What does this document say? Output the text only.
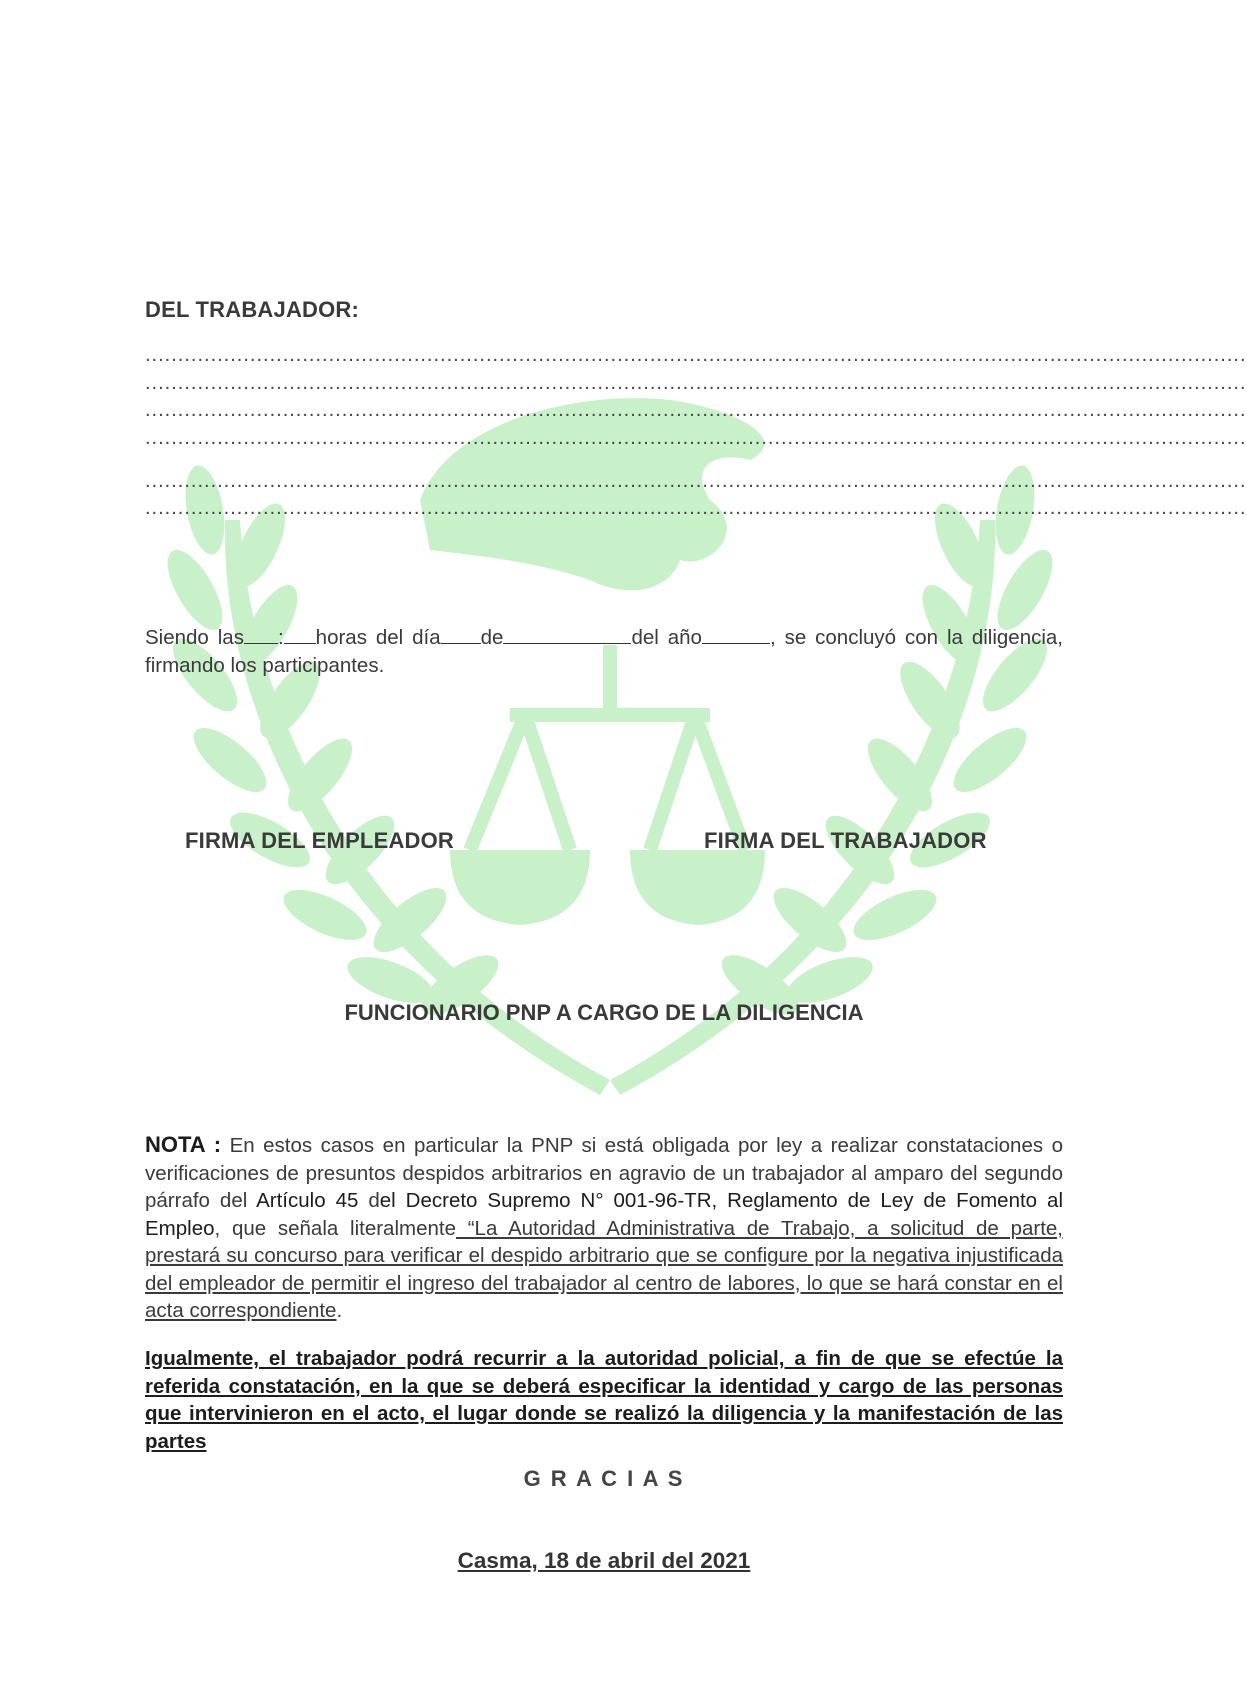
DEL TRABAJADOR:
........................................................................................................................................................................
........................................................................................................................................................................
........................................................................................................................................................................
........................................................................................................................................................................
........................................................................................................................................................................
........................................................................................................................................................................
Siendo las : horas del día de	del año	, se concluyó con la diligencia, firmando los participantes.
FIRMA DEL EMPLEADOR	FIRMA DEL TRABAJADOR
FUNCIONARIO PNP A CARGO DE LA DILIGENCIA
NOTA : En estos casos en particular la PNP si está obligada por ley a realizar constataciones o verificaciones de presuntos despidos arbitrarios en agravio de un trabajador al amparo del segundo párrafo del Artículo 45 del Decreto Supremo N° 001-96-TR, Reglamento de Ley de Fomento al Empleo, que señala literalmente “La Autoridad Administrativa de Trabajo, a solicitud de parte, prestará su concurso para verificar el despido arbitrario que se configure por la negativa injustificada del empleador de permitir el ingreso del trabajador al centro de labores, lo que se hará constar en el acta correspondiente.
Igualmente, el trabajador podrá recurrir a la autoridad policial, a fin de que se efectúe la referida constatación, en la que se deberá especificar la identidad y cargo de las personas que intervinieron en el acto, el lugar donde se realizó la diligencia y la manifestación de las partes
G R A C I A S
Casma, 18 de abril del 2021
